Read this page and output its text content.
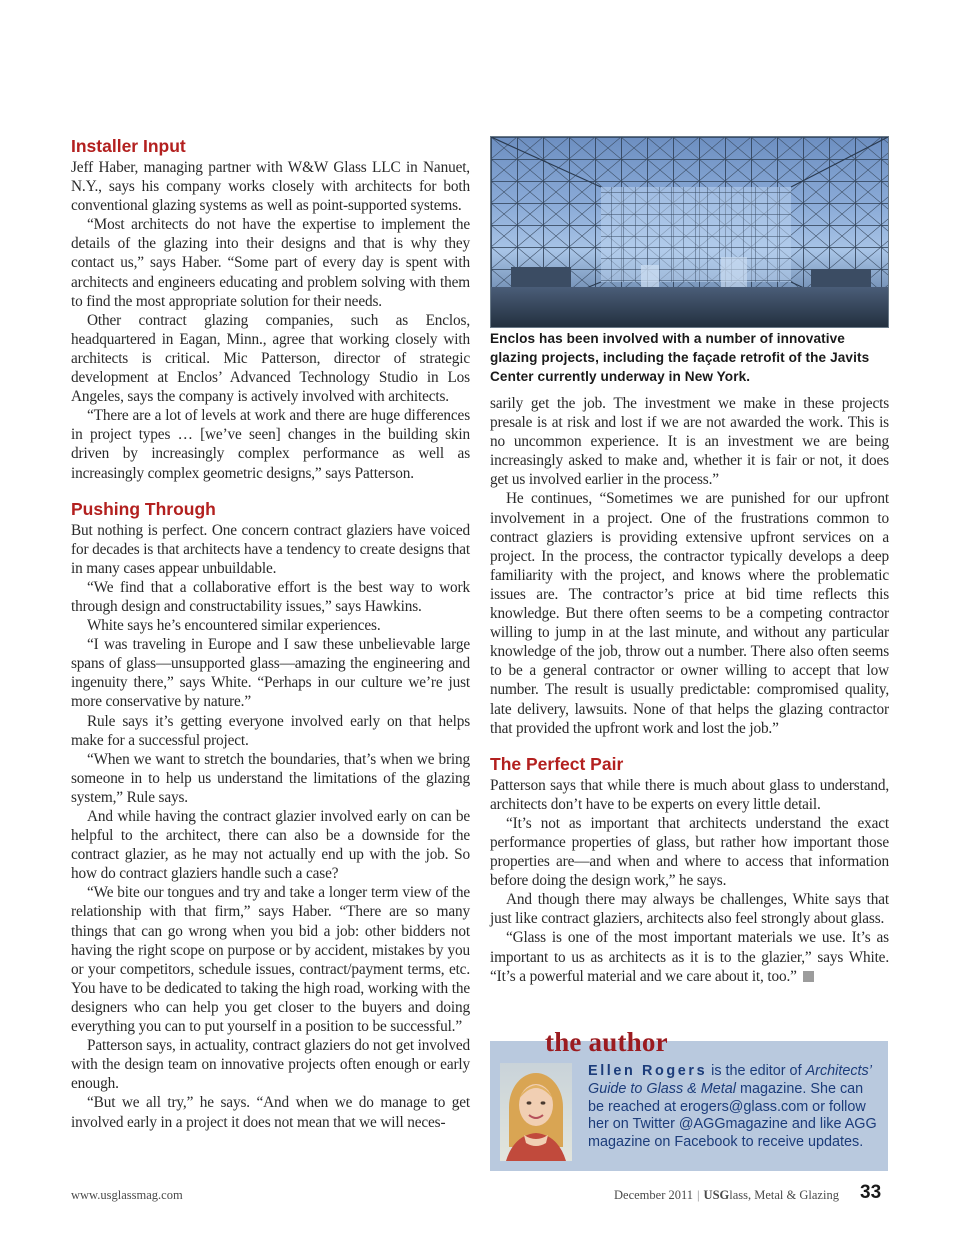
Installer Input

Jeff Haber, managing partner with W&W Glass LLC in Nanuet, N.Y., says his company works closely with architects for both conventional glazing systems as well as point-supported systems.

“Most architects do not have the expertise to implement the details of the glazing into their designs and that is why they contact us,” says Haber. “Some part of every day is spent with architects and engineers educating and problem solving with them to find the most appropriate solution for their needs.

Other contract glazing companies, such as Enclos, headquartered in Eagan, Minn., agree that working closely with architects is critical. Mic Patterson, director of strategic development at Enclos’ Advanced Technology Studio in Los Angeles, says the company is actively involved with architects.

“There are a lot of levels at work and there are huge differences in project types … [we’ve seen] changes in the building skin driven by increasingly complex performance as well as increasingly complex geometric designs,” says Patterson.

Pushing Through

But nothing is perfect. One concern contract glaziers have voiced for decades is that architects have a tendency to create designs that in many cases appear unbuildable.

“We find that a collaborative effort is the best way to work through design and constructability issues,” says Hawkins.

White says he’s encountered similar experiences.

“I was traveling in Europe and I saw these unbelievable large spans of glass—unsupported glass—amazing the engineering and ingenuity there,” says White. “Perhaps in our culture we’re just more conservative by nature.”

Rule says it’s getting everyone involved early on that helps make for a successful project.

“When we want to stretch the boundaries, that’s when we bring someone in to help us understand the limitations of the glazing system,” Rule says.

And while having the contract glazier involved early on can be helpful to the architect, there can also be a downside for the contract glazier, as he may not actually end up with the job. So how do contract glaziers handle such a case?

“We bite our tongues and try and take a longer term view of the relationship with that firm,” says Haber. “There are so many things that can go wrong when you bid a job: other bidders not having the right scope on purpose or by accident, mistakes by you or your competitors, schedule issues, contract/payment terms, etc. You have to be dedicated to taking the high road, working with the designers who can help you get closer to the buyers and doing everything you can to put yourself in a position to be successful.”

Patterson says, in actuality, contract glaziers do not get involved with the design team on innovative projects often enough or early enough.

“But we all try,” he says. “And when we do manage to get involved early in a project it does not mean that we will neces-

Enclos has been involved with a number of innovative glazing projects, including the façade retrofit of the Javits Center currently underway in New York.

sarily get the job. The investment we make in these projects presale is at risk and lost if we are not awarded the work. This is no uncommon experience. It is an investment we are being increasingly asked to make and, whether it is fair or not, it does get us involved earlier in the process.”

He continues, “Sometimes we are punished for our upfront involvement in a project. One of the frustrations common to contract glaziers is providing extensive upfront services on a project. In the process, the contractor typically develops a deep familiarity with the project, and knows where the problematic issues are. The contractor’s price at bid time reflects this knowledge. But there often seems to be a competing contractor willing to jump in at the last minute, and without any particular knowledge of the job, throw out a number. There also often seems to be a general contractor or owner willing to accept that low number. The result is usually predictable: compromised quality, late delivery, lawsuits. None of that helps the glazing contractor that provided the upfront work and lost the job.”

The Perfect Pair

Patterson says that while there is much about glass to understand, architects don’t have to be experts on every little detail.

“It’s not as important that architects understand the exact performance properties of glass, but rather how important those properties are—and when and where to access that information before doing the design work,” he says.

And though there may always be challenges, White says that just like contract glaziers, architects also feel strongly about glass.

“Glass is one of the most important materials we use. It’s as important to us as architects as it is to the glazier,” says White. “It’s a powerful material and we care about it, too.”

the author
Ellen Rogers is the editor of Architects’ Guide to Glass & Metal magazine. She can be reached at erogers@glass.com or follow her on Twitter @AGGmagazine and like AGG magazine on Facebook to receive updates.
www.usglassmag.com	December 2011 | USGlass, Metal & Glazing 33
